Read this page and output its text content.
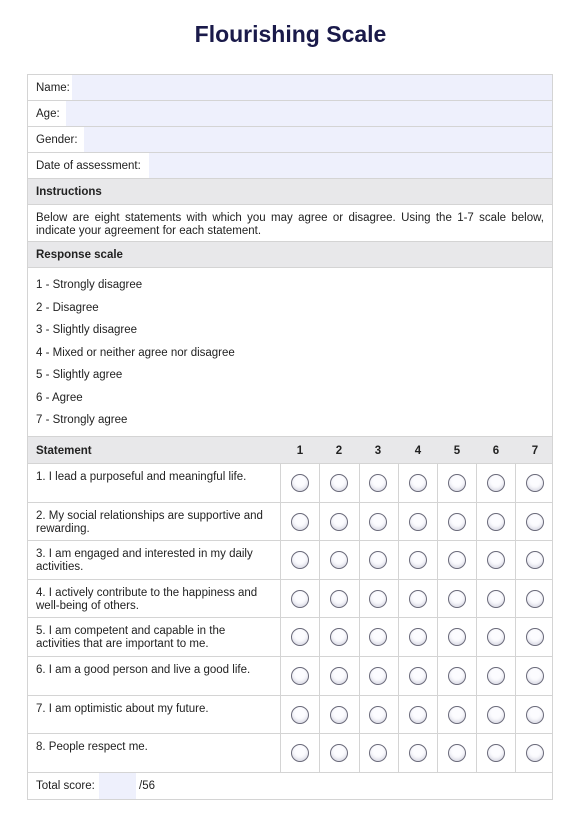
Flourishing Scale
Name:
Age:
Gender:
Date of assessment:
Instructions
Below are eight statements with which you may agree or disagree. Using the 1-7 scale below, indicate your agreement for each statement.
Response scale
1 - Strongly disagree
2 - Disagree
3 - Slightly disagree
4 - Mixed or neither agree nor disagree
5 - Slightly agree
6 - Agree
7 - Strongly agree
Statement	1	2	3	4	5	6	7
1. I lead a purposeful and meaningful life.
2. My social relationships are supportive and rewarding.
3. I am engaged and interested in my daily activities.
4. I actively contribute to the happiness and well-being of others.
5. I am competent and capable in the activities that are important to me.
6. I am a good person and live a good life.
7. I am optimistic about my future.
8. People respect me.
Total score:	/56
